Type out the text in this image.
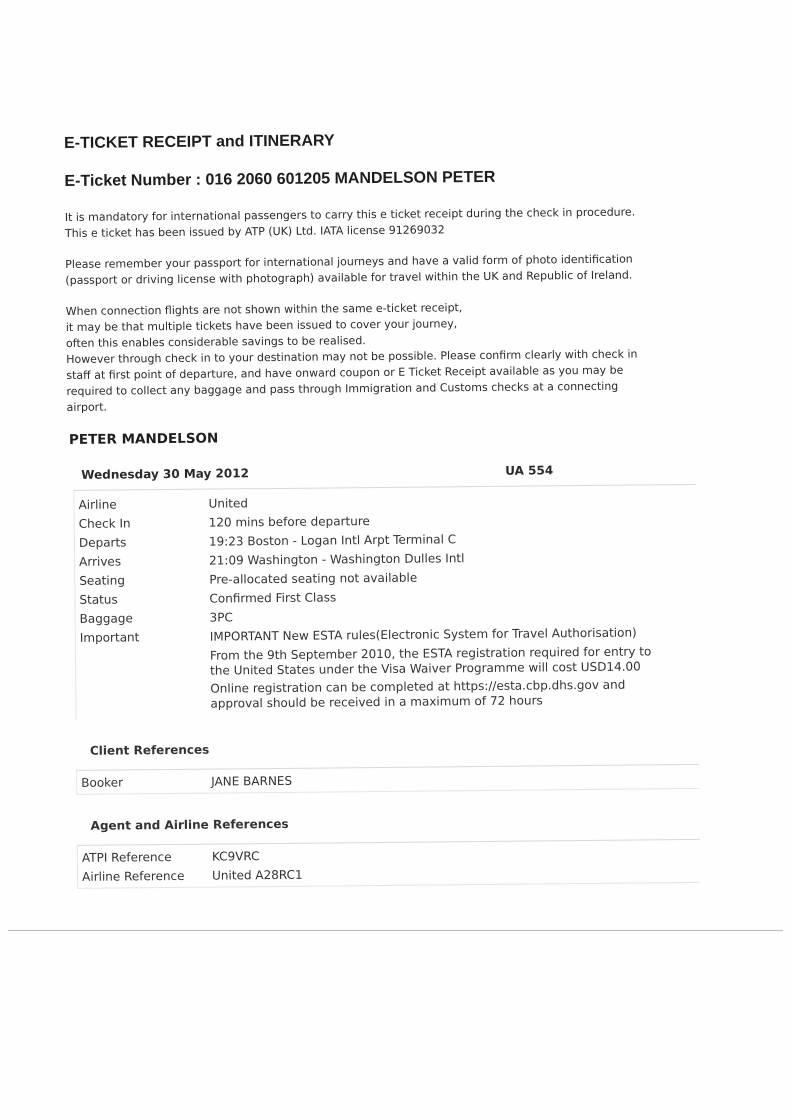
E-TICKET RECEIPT and ITINERARY
E-Ticket Number : 016 2060 601205 MANDELSON PETER
It is mandatory for international passengers to carry this e ticket receipt during the check in procedure.
This e ticket has been issued by ATP (UK) Ltd. IATA license 91269032
Please remember your passport for international journeys and have a valid form of photo identification
(passport or driving license with photograph) available for travel within the UK and Republic of Ireland.
When connection flights are not shown within the same e-ticket receipt,
it may be that multiple tickets have been issued to cover your journey,
often this enables considerable savings to be realised.
However through check in to your destination may not be possible. Please confirm clearly with check in
staff at first point of departure, and have onward coupon or E Ticket Receipt available as you may be
required to collect any baggage and pass through Immigration and Customs checks at a connecting
airport.
PETER MANDELSON
Wednesday 30 May 2012	UA 554
Airline	United
Check In	120 mins before departure
Departs	19:23 Boston - Logan Intl Arpt Terminal C
Arrives	21:09 Washington - Washington Dulles Intl
Seating	Pre-allocated seating not available
Status	Confirmed First Class
Baggage	3PC
Important	IMPORTANT New ESTA rules(Electronic System for Travel Authorisation)
From the 9th September 2010, the ESTA registration required for entry to
the United States under the Visa Waiver Programme will cost USD14.00
Online registration can be completed at https://esta.cbp.dhs.gov and
approval should be received in a maximum of 72 hours
Client References
Booker	JANE BARNES
Agent and Airline References
ATPI Reference	KC9VRC
Airline Reference	United A28RC1
